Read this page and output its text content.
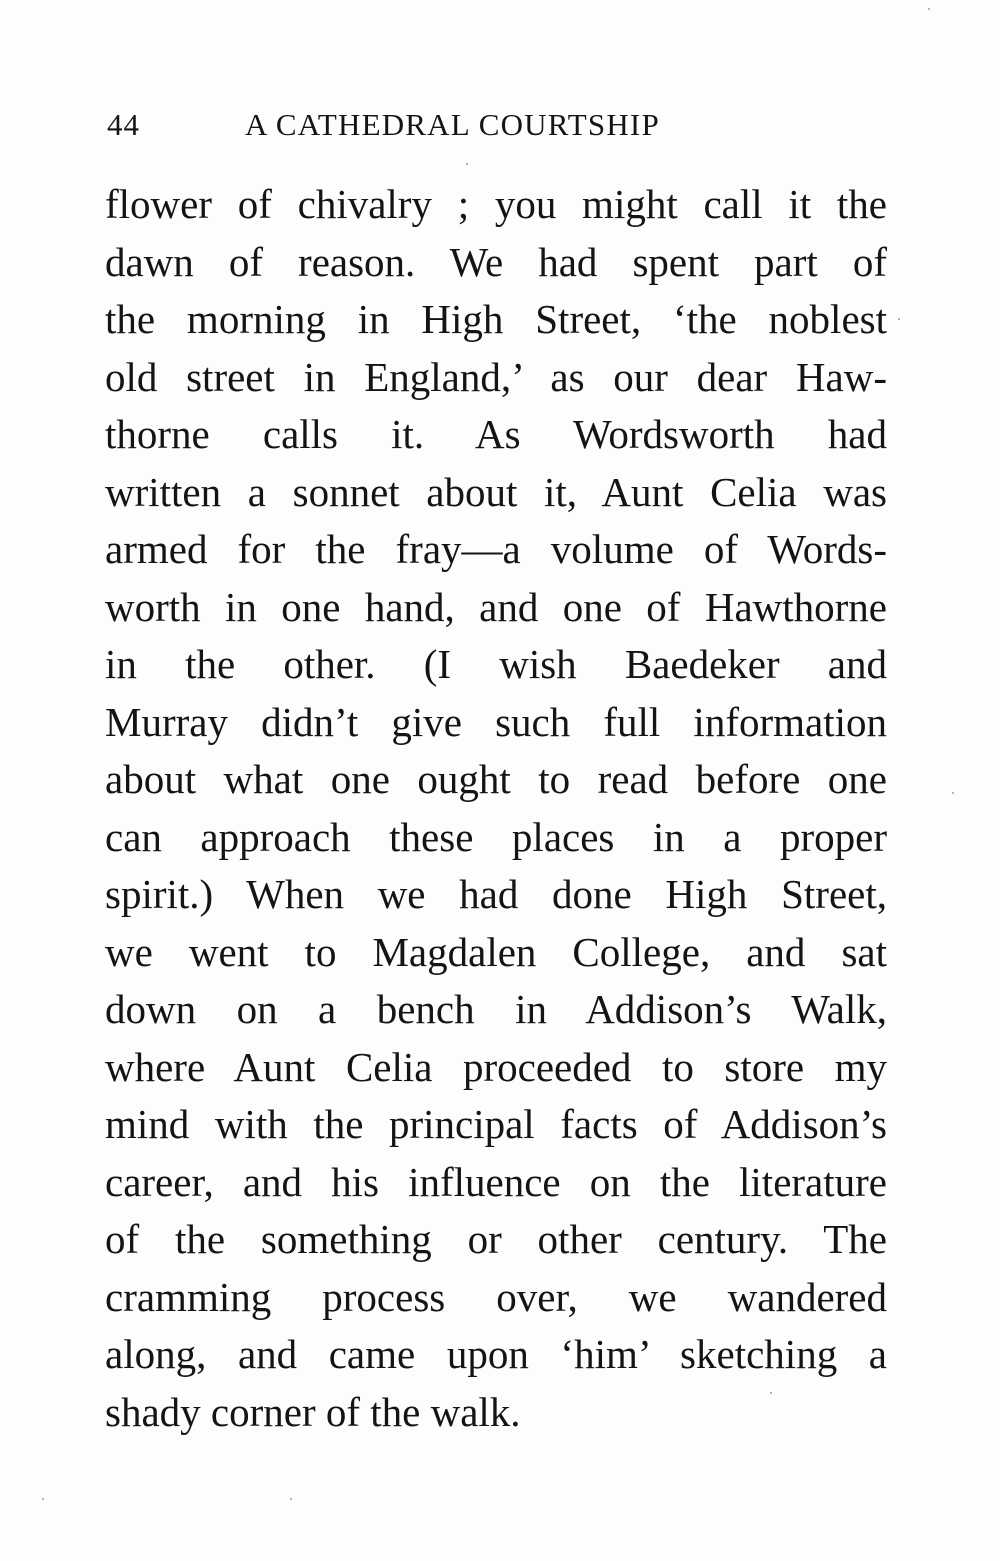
44	A CATHEDRAL COURTSHIP
flower of chivalry ; you might call it the
dawn of reason. We had spent part of
the morning in High Street, ‘the noblest
old street in England,’ as our dear Haw-
thorne calls it. As Wordsworth had
written a sonnet about it, Aunt Celia was
armed for the fray—a volume of Words-
worth in one hand, and one of Hawthorne
in the other. (I wish Baedeker and
Murray didn’t give such full information
about what one ought to read before one
can approach these places in a proper
spirit.) When we had done High Street,
we went to Magdalen College, and sat
down on a bench in Addison’s Walk,
where Aunt Celia proceeded to store my
mind with the principal facts of Addison’s
career, and his influence on the literature
of the something or other century. The
cramming process over, we wandered
along, and came upon ‘him’ sketching a
shady corner of the walk.
